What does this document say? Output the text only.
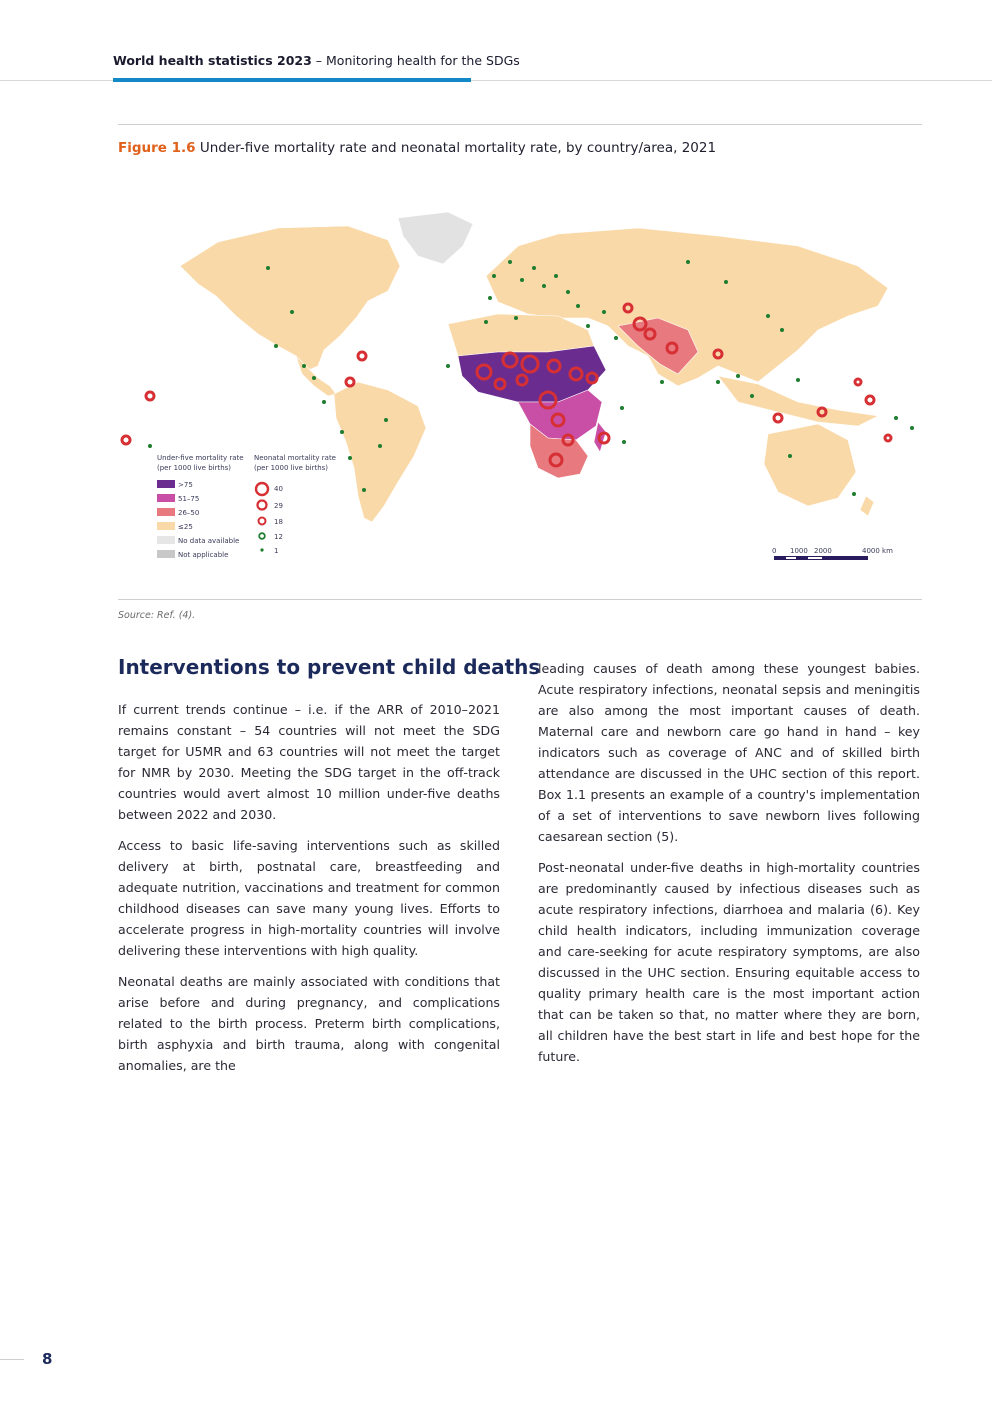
World health statistics 2023 – Monitoring health for the SDGs
Figure 1.6 Under-five mortality rate and neonatal mortality rate, by country/area, 2021
Under-five mortality rate
(per 1000 live births)
>75
51–75
26–50
≤25
No data available
Not applicable
Neonatal mortality rate
(per 1000 live births)
40
29
18
12
1	0 1000 2000	4000 km
Source: Ref. (4).
Interventions to prevent child deaths

If current trends continue – i.e. if the ARR of 2010–2021 remains constant – 54 countries will not meet the SDG target for U5MR and 63 countries will not meet the target for NMR by 2030. Meeting the SDG target in the off-track countries would avert almost 10 million under-five deaths between 2022 and 2030.

Access to basic life-saving interventions such as skilled delivery at birth, postnatal care, breastfeeding and adequate nutrition, vaccinations and treatment for common childhood diseases can save many young lives. Efforts to accelerate progress in high-mortality countries will involve delivering these interventions with high quality.

Neonatal deaths are mainly associated with conditions that arise before and during pregnancy, and complications related to the birth process. Preterm birth complications, birth asphyxia and birth trauma, along with congenital anomalies, are the

leading causes of death among these youngest babies. Acute respiratory infections, neonatal sepsis and meningitis are also among the most important causes of death. Maternal care and newborn care go hand in hand – key indicators such as coverage of ANC and of skilled birth attendance are discussed in the UHC section of this report. Box 1.1 presents an example of a country's implementation of a set of interventions to save newborn lives following caesarean section (5).

Post-neonatal under-five deaths in high-mortality countries are predominantly caused by infectious diseases such as acute respiratory infections, diarrhoea and malaria (6). Key child health indicators, including immunization coverage and care-seeking for acute respiratory symptoms, are also discussed in the UHC section. Ensuring equitable access to quality primary health care is the most important action that can be taken so that, no matter where they are born, all children have the best start in life and best hope for the future.

8
